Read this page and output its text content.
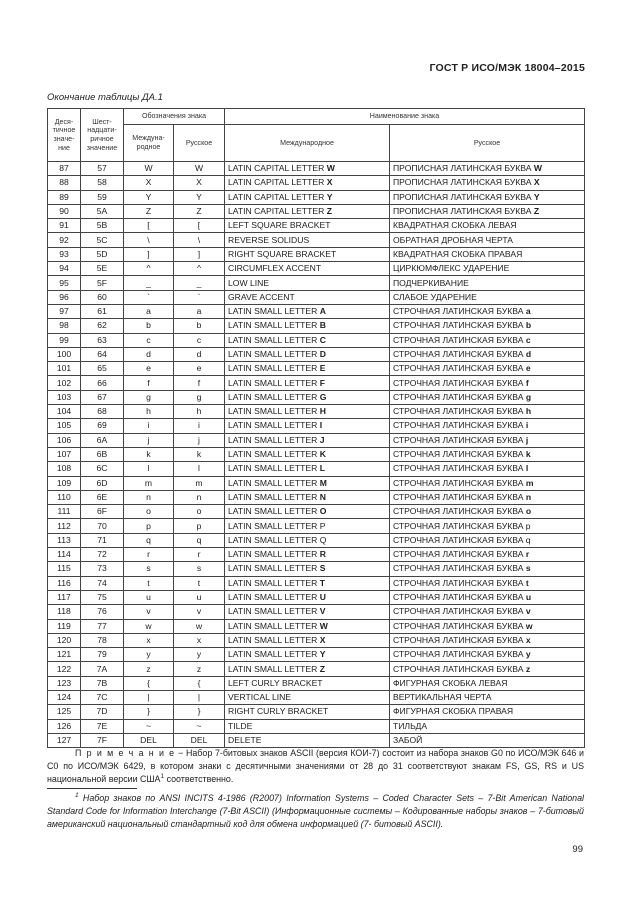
ГОСТ Р ИСО/МЭК 18004–2015
Окончание таблицы ДА.1
Деся-тичное значе-ние	Шест-надцати-ричное значение	Обозначения знака		Наименование знака	
		Междуна-родное	Русское	Международное	Русское
87	57	W	W	LATIN CAPITAL LETTER W	ПРОПИСНАЯ ЛАТИНСКАЯ БУКВА W
88	58	X	X	LATIN CAPITAL LETTER X	ПРОПИСНАЯ ЛАТИНСКАЯ БУКВА X
89	59	Y	Y	LATIN CAPITAL LETTER Y	ПРОПИСНАЯ ЛАТИНСКАЯ БУКВА Y
90	5A	Z	Z	LATIN CAPITAL LETTER Z	ПРОПИСНАЯ ЛАТИНСКАЯ БУКВА Z
91	5B	[	[	LEFT SQUARE BRACKET	КВАДРАТНАЯ СКОБКА ЛЕВАЯ
92	5C	\	\	REVERSE SOLIDUS	ОБРАТНАЯ ДРОБНАЯ ЧЕРТА
93	5D	]	]	RIGHT SQUARE BRACKET	КВАДРАТНАЯ СКОБКА ПРАВАЯ
94	5E	^	^	CIRCUMFLEX ACCENT	ЦИРКЮМФЛЕКС УДАРЕНИЕ
95	5F	_	_	LOW LINE	ПОДЧЕРКИВАНИЕ
96	60	`	`	GRAVE ACCENT	СЛАБОЕ УДАРЕНИЕ
97	61	a	a	LATIN SMALL LETTER A	СТРОЧНАЯ ЛАТИНСКАЯ БУКВА a
98	62	b	b	LATIN SMALL LETTER B	СТРОЧНАЯ ЛАТИНСКАЯ БУКВА b
99	63	c	c	LATIN SMALL LETTER C	СТРОЧНАЯ ЛАТИНСКАЯ БУКВА c
100	64	d	d	LATIN SMALL LETTER D	СТРОЧНАЯ ЛАТИНСКАЯ БУКВА d
101	65	e	e	LATIN SMALL LETTER E	СТРОЧНАЯ ЛАТИНСКАЯ БУКВА e
102	66	f	f	LATIN SMALL LETTER F	СТРОЧНАЯ ЛАТИНСКАЯ БУКВА f
103	67	g	g	LATIN SMALL LETTER G	СТРОЧНАЯ ЛАТИНСКАЯ БУКВА g
104	68	h	h	LATIN SMALL LETTER H	СТРОЧНАЯ ЛАТИНСКАЯ БУКВА h
105	69	i	i	LATIN SMALL LETTER I	СТРОЧНАЯ ЛАТИНСКАЯ БУКВА i
106	6A	j	j	LATIN SMALL LETTER J	СТРОЧНАЯ ЛАТИНСКАЯ БУКВА j
107	6B	k	k	LATIN SMALL LETTER K	СТРОЧНАЯ ЛАТИНСКАЯ БУКВА k
108	6C	l	l	LATIN SMALL LETTER L	СТРОЧНАЯ ЛАТИНСКАЯ БУКВА l
109	6D	m	m	LATIN SMALL LETTER M	СТРОЧНАЯ ЛАТИНСКАЯ БУКВА m
110	6E	n	n	LATIN SMALL LETTER N	СТРОЧНАЯ ЛАТИНСКАЯ БУКВА n
111	6F	o	o	LATIN SMALL LETTER O	СТРОЧНАЯ ЛАТИНСКАЯ БУКВА o
112	70	p	p	LATIN SMALL LETTER P	СТРОЧНАЯ ЛАТИНСКАЯ БУКВА p
113	71	q	q	LATIN SMALL LETTER Q	СТРОЧНАЯ ЛАТИНСКАЯ БУКВА q
114	72	r	r	LATIN SMALL LETTER R	СТРОЧНАЯ ЛАТИНСКАЯ БУКВА r
115	73	s	s	LATIN SMALL LETTER S	СТРОЧНАЯ ЛАТИНСКАЯ БУКВА s
116	74	t	t	LATIN SMALL LETTER T	СТРОЧНАЯ ЛАТИНСКАЯ БУКВА t
117	75	u	u	LATIN SMALL LETTER U	СТРОЧНАЯ ЛАТИНСКАЯ БУКВА u
118	76	v	v	LATIN SMALL LETTER V	СТРОЧНАЯ ЛАТИНСКАЯ БУКВА v
119	77	w	w	LATIN SMALL LETTER W	СТРОЧНАЯ ЛАТИНСКАЯ БУКВА w
120	78	x	x	LATIN SMALL LETTER X	СТРОЧНАЯ ЛАТИНСКАЯ БУКВА x
121	79	y	y	LATIN SMALL LETTER Y	СТРОЧНАЯ ЛАТИНСКАЯ БУКВА y
122	7A	z	z	LATIN SMALL LETTER Z	СТРОЧНАЯ ЛАТИНСКАЯ БУКВА z
123	7B	{	{	LEFT CURLY BRACKET	ФИГУРНАЯ СКОБКА ЛЕВАЯ
124	7C	|	|	VERTICAL LINE	ВЕРТИКАЛЬНАЯ ЧЕРТА
125	7D	}	}	RIGHT CURLY BRACKET	ФИГУРНАЯ СКОБКА ПРАВАЯ
126	7E	~	~	TILDE	ТИЛЬДА
127	7F	DEL	DEL	DELETE	ЗАБОЙ
П р и м е ч а н и е − Набор 7-битовых знаков ASCII (версия КОИ-7) состоит из набора знаков G0 по ИСО/МЭК 646 и C0 по ИСО/МЭК 6429, в котором знаки с десятичными значениями от 28 до 31 соответствуют знакам FS, GS, RS и US национальной версии США$^1$ соответственно.
$^1$ Набор знаков по ANSI INCITS 4-1986 (R2007) Information Systems – Coded Character Sets – 7-Bit American National Standard Code for Information Interchange (7-Bit ASCII) (Информационные системы – Кодированные наборы знаков – 7-битовый американский национальный стандартный код для обмена информацией (7- битовый ASCII).
99
